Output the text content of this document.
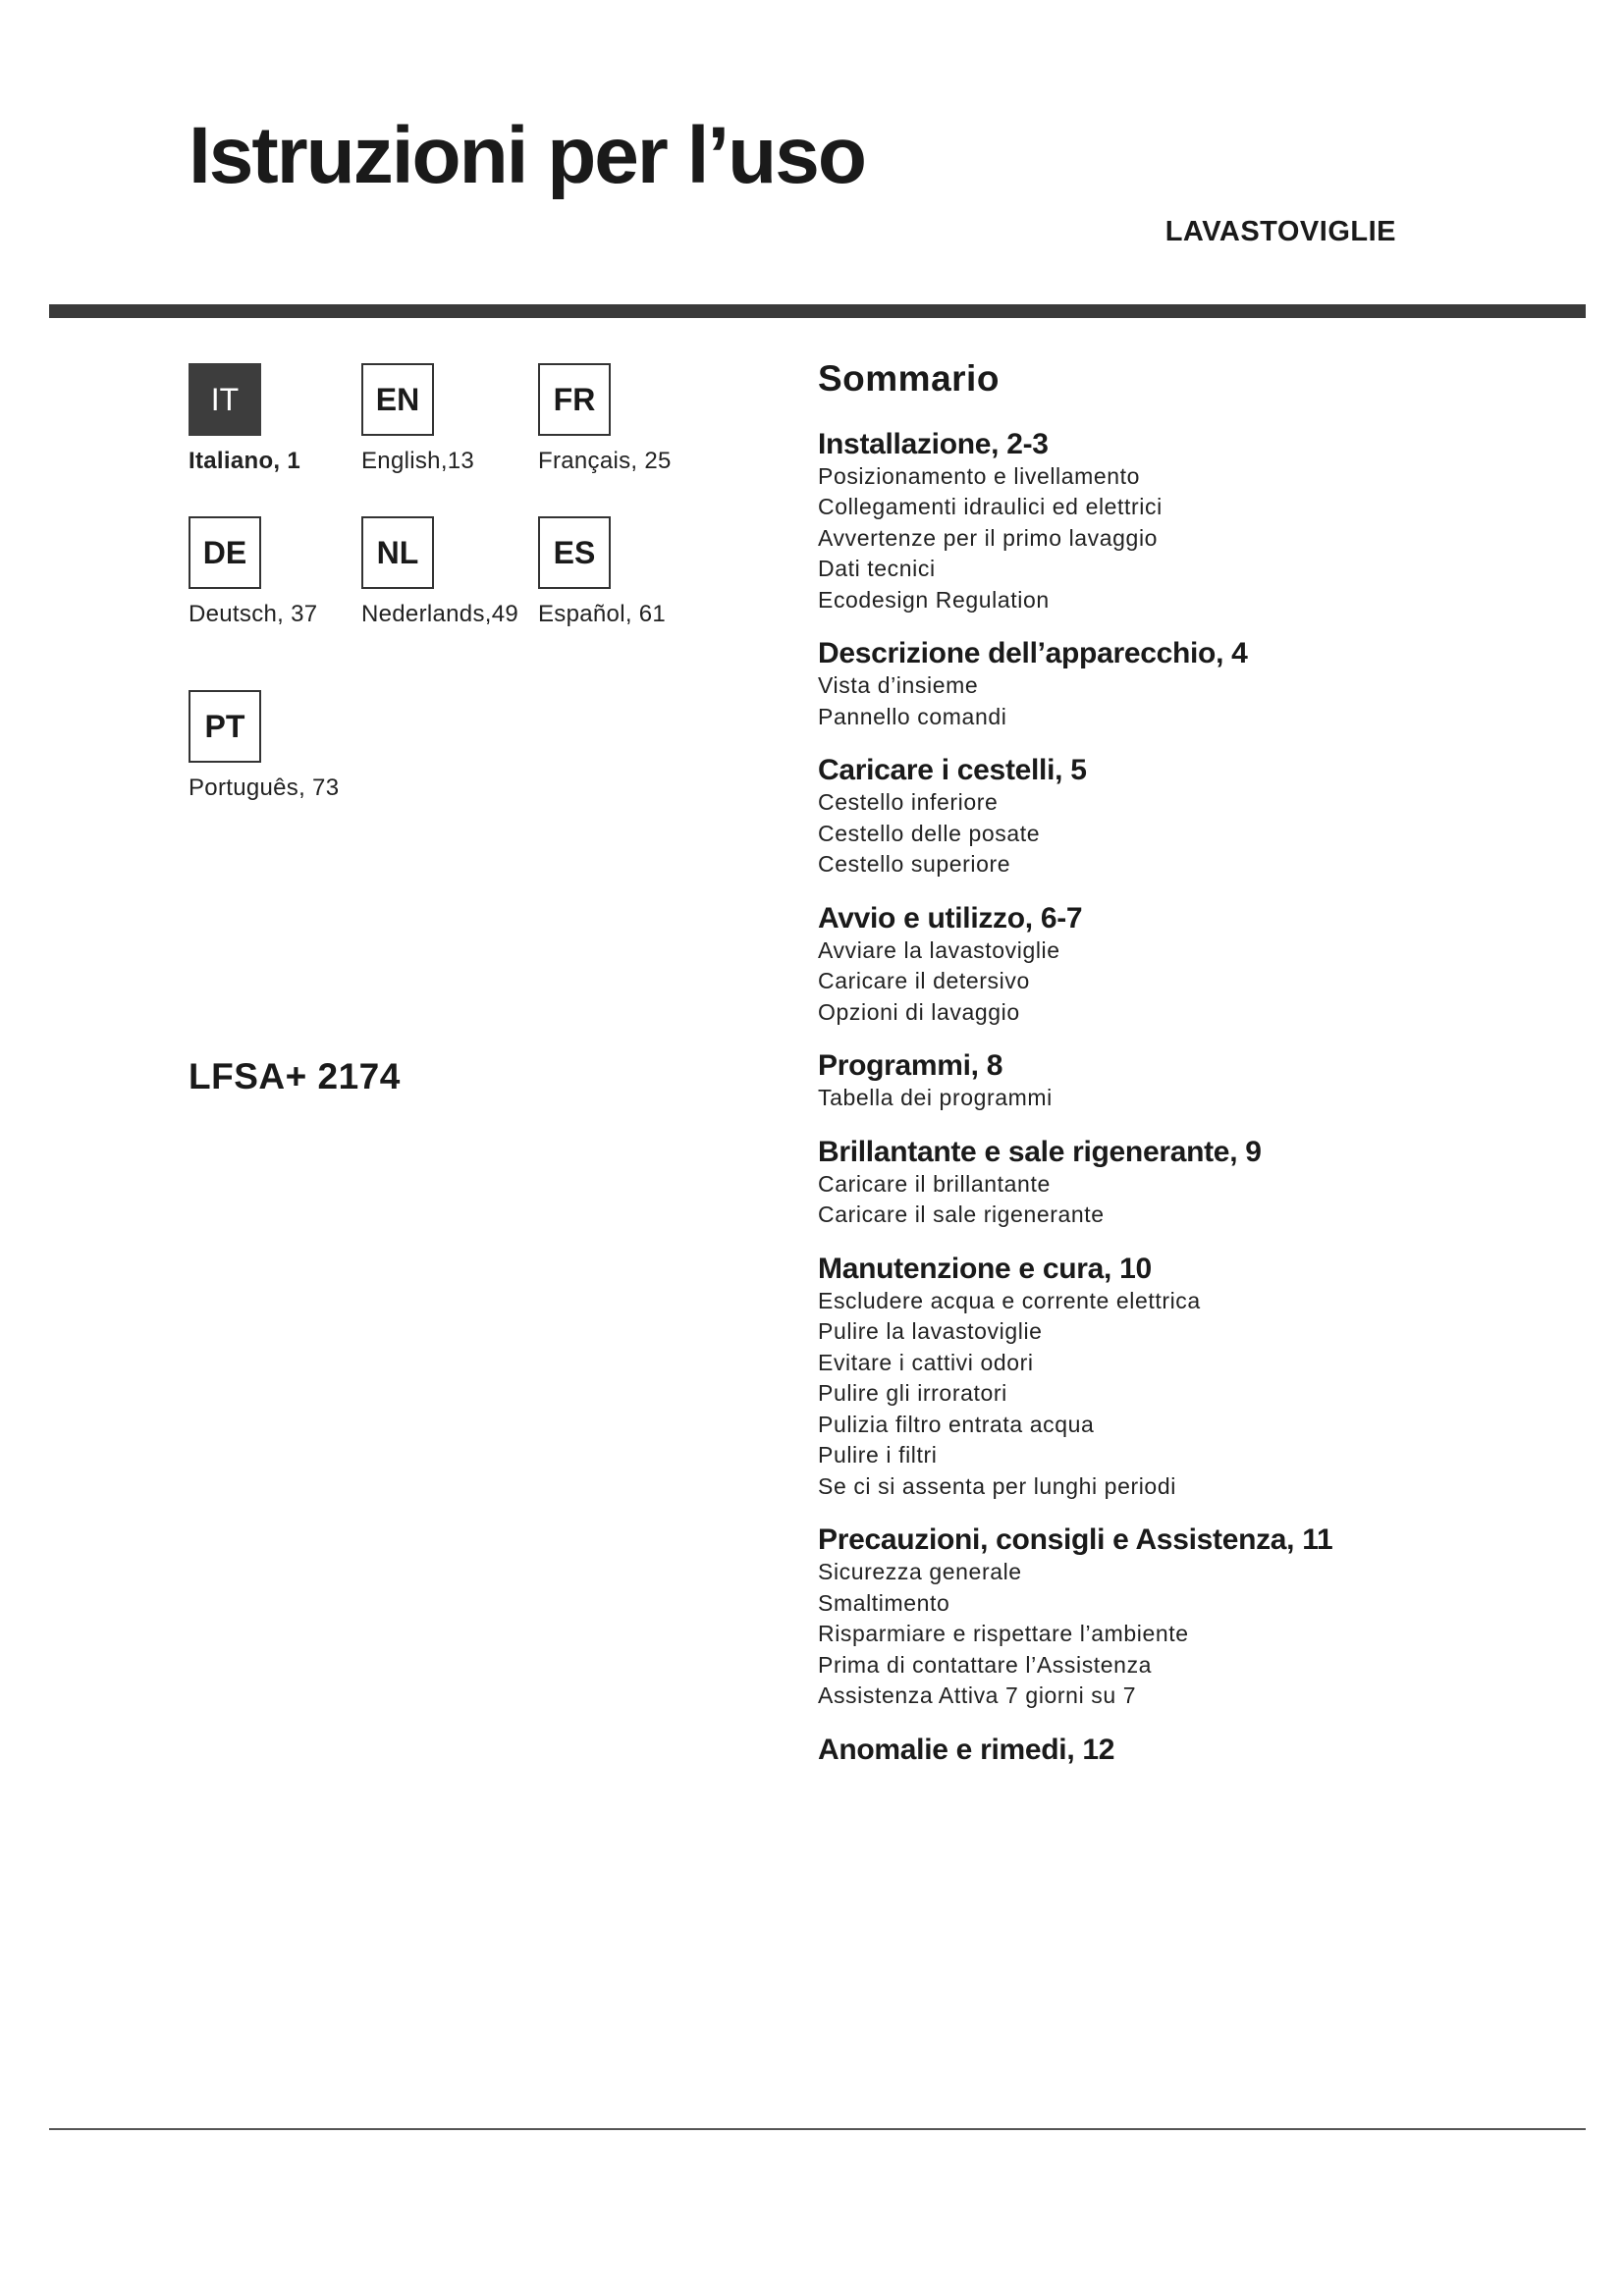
Istruzioni per l’uso
LAVASTOVIGLIE
IT
Italiano, 1
EN
English,13
FR
Français, 25
DE
Deutsch, 37
NL
Nederlands,49
ES
Español, 61
PT
Português, 73
LFSA+ 2174
Sommario
Installazione, 2-3
Posizionamento e livellamento
Collegamenti idraulici ed elettrici
Avvertenze per il primo lavaggio
Dati tecnici
Ecodesign Regulation
Descrizione dell’apparecchio, 4
Vista d’insieme
Pannello comandi
Caricare i cestelli, 5
Cestello inferiore
Cestello delle posate
Cestello superiore
Avvio e utilizzo, 6-7
Avviare la lavastoviglie
Caricare il detersivo
Opzioni di lavaggio
Programmi, 8
Tabella dei programmi
Brillantante e sale rigenerante, 9
Caricare il brillantante
Caricare il sale rigenerante
Manutenzione e cura, 10
Escludere acqua e corrente elettrica
Pulire la lavastoviglie
Evitare i cattivi odori
Pulire gli irroratori
Pulizia filtro entrata acqua
Pulire i filtri
Se ci si assenta per lunghi periodi
Precauzioni, consigli e Assistenza, 11
Sicurezza generale
Smaltimento
Risparmiare e rispettare l’ambiente
Prima di contattare l’Assistenza
Assistenza Attiva 7 giorni su 7
Anomalie e rimedi, 12
